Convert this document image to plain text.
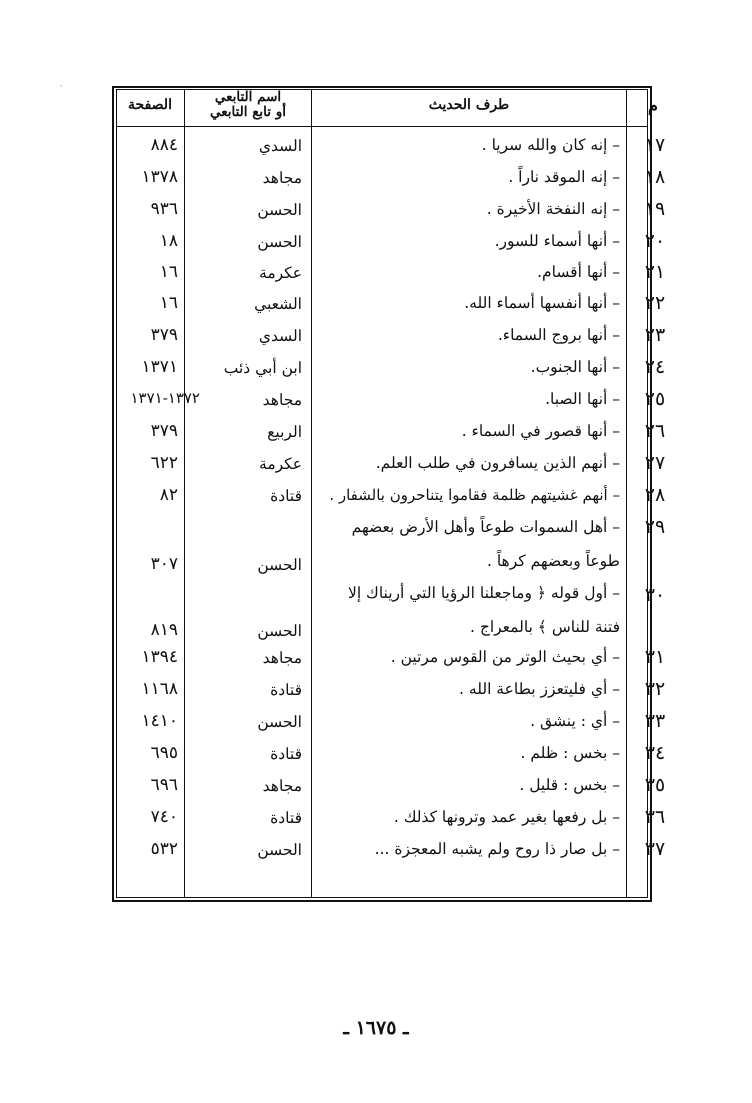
·
م
طرف الحديث
اسم التابعي
أو تابع التابعي
الصفحة
١٧
– إنه كان والله سريا .
السدي
٨٨٤
١٨
– إنه الموقد ناراً .
مجاهد
١٣٧٨
١٩
– إنه النفخة الأخيرة .
الحسن
٩٣٦
٢٠
– أنها أسماء للسور.
الحسن
١٨
٢١
– أنها أقسام.
عكرمة
١٦
٢٢
– أنها أنفسها أسماء الله.
الشعبي
١٦
٢٣
– أنها بروج السماء.
السدي
٣٧٩
٢٤
– أنها الجنوب.
ابن أبي ذئب
١٣٧١
٢٥
– أنها الصبا.
مجاهد
١٣٧٢-١٣٧١
٢٦
– أنها قصور في السماء .
الربيع
٣٧٩
٢٧
– أنهم الذين يسافرون في طلب العلم.
عكرمة
٦٢٢
٢٨
– أنهم غشيتهم ظلمة فقاموا يتناحرون بالشفار .
قتادة
٨٢
٢٩
– أهل السموات طوعاً وأهل الأرض بعضهم
طوعاً وبعضهم كرهاً .
الحسن
٣٠٧
٣٠
– أول قوله ﴿ وماجعلنا الرؤيا التي أريناك إلا
فتنة للناس ﴾ بالمعراج .
الحسن
٨١٩
٣١
– أي بحيث الوتر من القوس مرتين .
مجاهد
١٣٩٤
٣٢
– أي فليتعزز بطاعة الله .
قتادة
١١٦٨
٣٣
– أي : ينشق .
الحسن
١٤١٠
٣٤
– بخس : ظلم .
قتادة
٦٩٥
٣٥
– بخس : قليل .
مجاهد
٦٩٦
٣٦
– بل رفعها بغير عمد وترونها كذلك .
قتادة
٧٤٠
٣٧
– بل صار ذا روح ولم يشبه المعجزة ...
الحسن
٥٣٢
ـ ١٦٧٥ ـ
